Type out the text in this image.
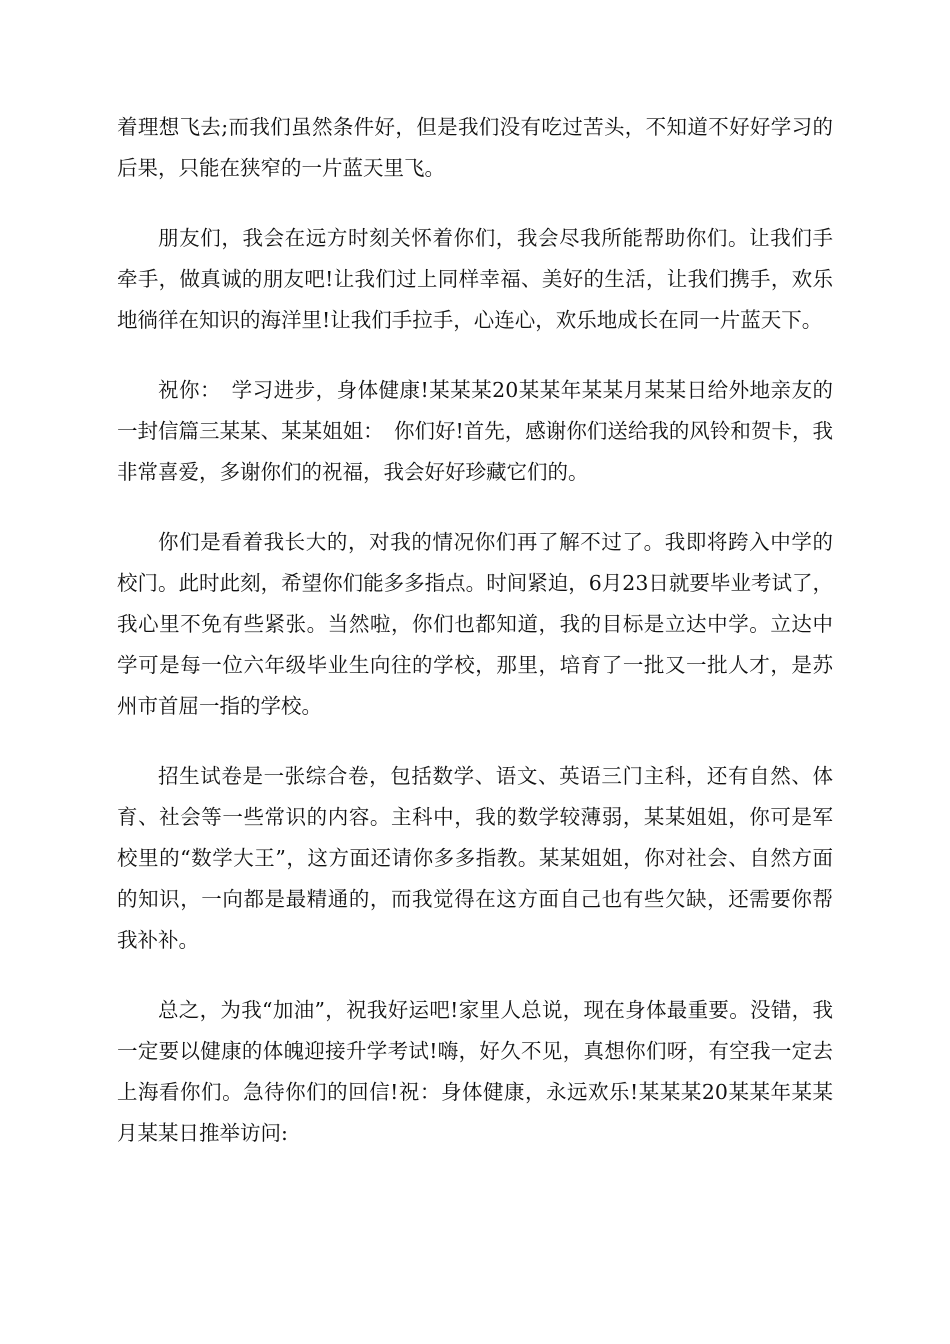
着理想飞去;而我们虽然条件好，但是我们没有吃过苦头，不知道不好好学习的后果，只能在狭窄的一片蓝天里飞。

朋友们，我会在远方时刻关怀着你们，我会尽我所能帮助你们。让我们手牵手，做真诚的朋友吧!让我们过上同样幸福、美好的生活，让我们携手，欢乐地徜徉在知识的海洋里!让我们手拉手，心连心，欢乐地成长在同一片蓝天下。

祝你：　学习进步，身体健康!某某某20某某年某某月某某日给外地亲友的一封信篇三某某、某某姐姐：　你们好!首先，感谢你们送给我的风铃和贺卡，我非常喜爱，多谢你们的祝福，我会好好珍藏它们的。

你们是看着我长大的，对我的情况你们再了解不过了。我即将跨入中学的校门。此时此刻，希望你们能多多指点。时间紧迫，6月23日就要毕业考试了，我心里不免有些紧张。当然啦，你们也都知道，我的目标是立达中学。立达中学可是每一位六年级毕业生向往的学校，那里，培育了一批又一批人才，是苏州市首屈一指的学校。

招生试卷是一张综合卷，包括数学、语文、英语三门主科，还有自然、体育、社会等一些常识的内容。主科中，我的数学较薄弱，某某姐姐，你可是军校里的“数学大王”，这方面还请你多多指教。某某姐姐，你对社会、自然方面的知识，一向都是最精通的，而我觉得在这方面自己也有些欠缺，还需要你帮我补补。

总之，为我“加油”，祝我好运吧!家里人总说，现在身体最重要。没错，我一定要以健康的体魄迎接升学考试!嗨，好久不见，真想你们呀，有空我一定去上海看你们。急待你们的回信!祝：身体健康，永远欢乐!某某某20某某年某某月某某日推举访问:
